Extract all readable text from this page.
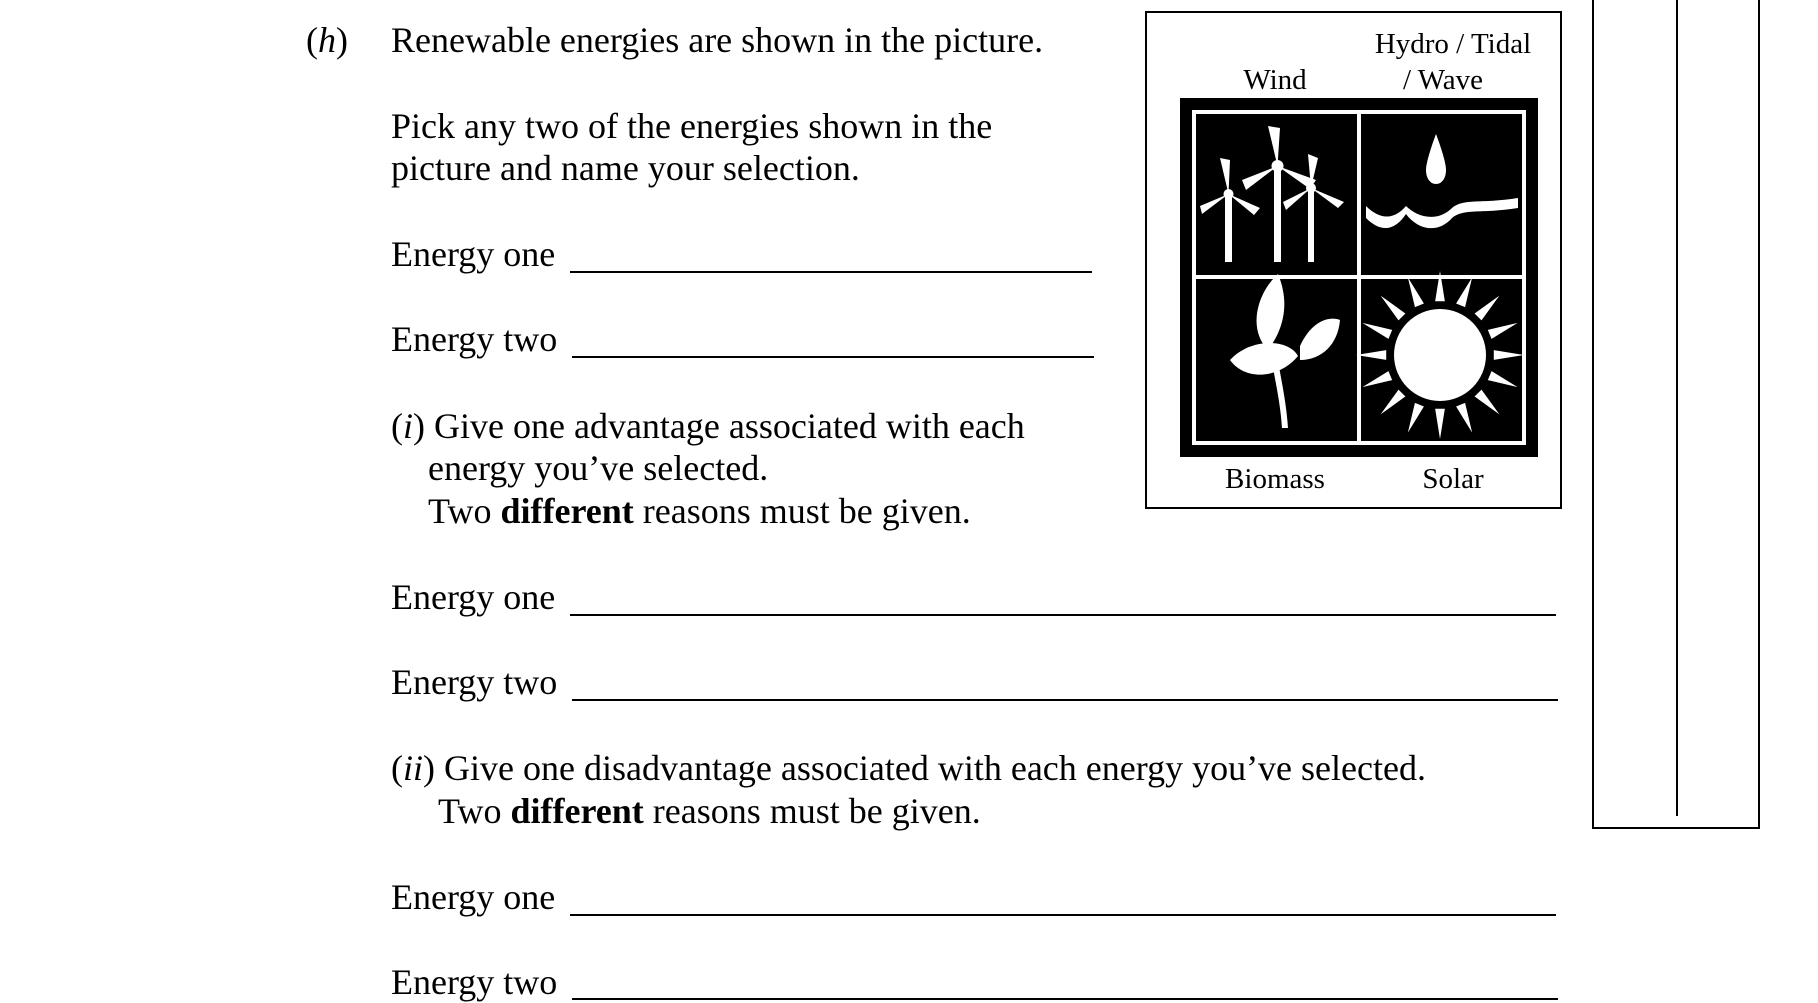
(h) Renewable energies are shown in the picture.
Pick any two of the energies shown in the
picture and name your selection.
Energy one
Energy two
(i) Give one advantage associated with each
energy you’ve selected.
Two different reasons must be given.
Energy one
Energy two
(ii) Give one disadvantage associated with each energy you’ve selected.
Two different reasons must be given.
Energy one
Energy two
Wind
Hydro / Tidal
/ Wave
Biomass	Solar
